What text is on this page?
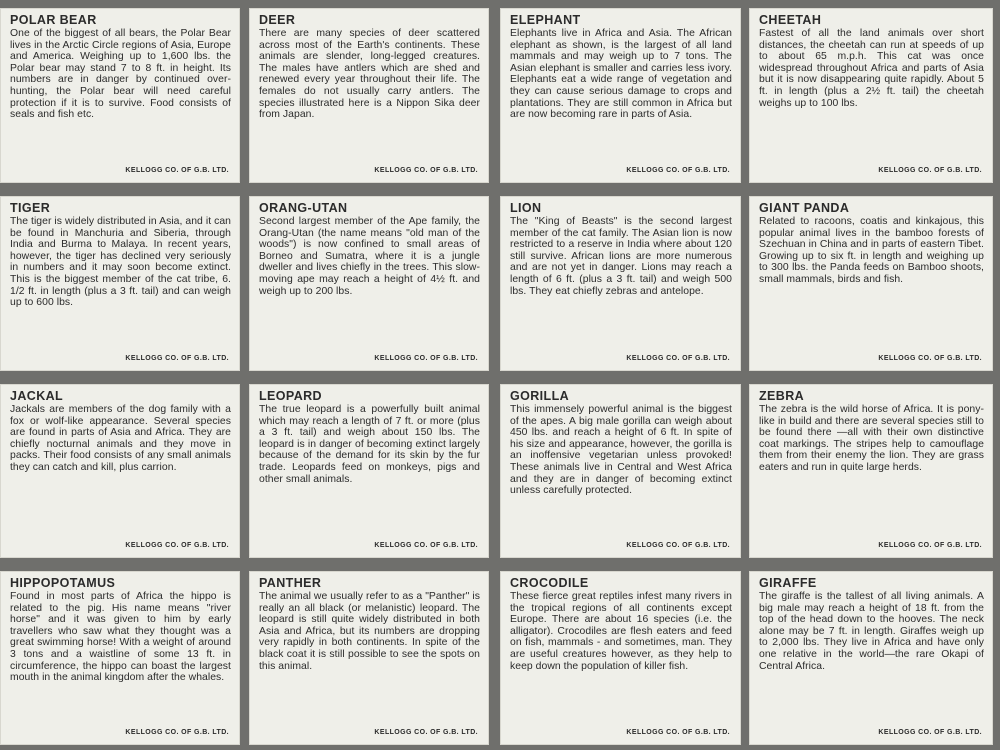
POLAR BEAR

One of the biggest of all bears, the Polar Bear lives in the Arctic Circle regions of Asia, Europe and America. Weighing up to 1,600 lbs. the Polar bear may stand 7 to 8 ft. in height. Its numbers are in danger by continued over-hunting, the Polar bear will need careful protection if it is to survive. Food consists of seals and fish etc.

KELLOGG CO. OF G.B. LTD.
DEER

There are many species of deer scattered across most of the Earth's continents. These animals are slender, long-legged creatures. The males have antlers which are shed and renewed every year throughout their life. The females do not usually carry antlers. The species illustrated here is a Nippon Sika deer from Japan.

KELLOGG CO. OF G.B. LTD.
ELEPHANT

Elephants live in Africa and Asia. The African elephant as shown, is the largest of all land mammals and may weigh up to 7 tons. The Asian elephant is smaller and carries less ivory. Elephants eat a wide range of vegetation and they can cause serious damage to crops and plantations. They are still common in Africa but are now becoming rare in parts of Asia.

KELLOGG CO. OF G.B. LTD.
CHEETAH

Fastest of all the land animals over short distances, the cheetah can run at speeds of up to about 65 m.p.h. This cat was once widespread throughout Africa and parts of Asia but it is now disappearing quite rapidly. About 5 ft. in length (plus a 2½ ft. tail) the cheetah weighs up to 100 lbs.

KELLOGG CO. OF G.B. LTD.
TIGER

The tiger is widely distributed in Asia, and it can be found in Manchuria and Siberia, through India and Burma to Malaya. In recent years, however, the tiger has declined very seriously in numbers and it may soon become extinct. This is the biggest member of the cat tribe, 6. 1/2 ft. in length (plus a 3 ft. tail) and can weigh up to 600 lbs.

KELLOGG CO. OF G.B. LTD.
ORANG-UTAN

Second largest member of the Ape family, the Orang-Utan (the name means "old man of the woods") is now confined to small areas of Borneo and Sumatra, where it is a jungle dweller and lives chiefly in the trees. This slow-moving ape may reach a height of 4½ ft. and weigh up to 200 lbs.

KELLOGG CO. OF G.B. LTD.
LION

The "King of Beasts" is the second largest member of the cat family. The Asian lion is now restricted to a reserve in India where about 120 still survive. African lions are more numerous and are not yet in danger. Lions may reach a length of 6 ft. (plus a 3 ft. tail) and weigh 500 lbs. They eat chiefly zebras and antelope.

KELLOGG CO. OF G.B. LTD.
GIANT PANDA

Related to racoons, coatis and kinkajous, this popular animal lives in the bamboo forests of Szechuan in China and in parts of eastern Tibet. Growing up to six ft. in length and weighing up to 300 lbs. the Panda feeds on Bamboo shoots, small mammals, birds and fish.

KELLOGG CO. OF G.B. LTD.
JACKAL

Jackals are members of the dog family with a fox or wolf-like appearance. Several species are found in parts of Asia and Africa. They are chiefly nocturnal animals and they move in packs. Their food consists of any small animals they can catch and kill, plus carrion.

KELLOGG CO. OF G.B. LTD.
LEOPARD

The true leopard is a powerfully built animal which may reach a length of 7 ft. or more (plus a 3 ft. tail) and weigh about 150 lbs. The leopard is in danger of becoming extinct largely because of the demand for its skin by the fur trade. Leopards feed on monkeys, pigs and other small animals.

KELLOGG CO. OF G.B. LTD.
GORILLA

This immensely powerful animal is the biggest of the apes. A big male gorilla can weigh about 450 lbs. and reach a height of 6 ft. In spite of his size and appearance, however, the gorilla is an inoffensive vegetarian unless provoked! These animals live in Central and West Africa and they are in danger of becoming extinct unless carefully protected.

KELLOGG CO. OF G.B. LTD.
ZEBRA

The zebra is the wild horse of Africa. It is pony-like in build and there are several species still to be found there —all with their own distinctive coat markings. The stripes help to camouflage them from their enemy the lion. They are grass eaters and run in quite large herds.

KELLOGG CO. OF G.B. LTD.
HIPPOPOTAMUS

Found in most parts of Africa the hippo is related to the pig. His name means "river horse" and it was given to him by early travellers who saw what they thought was a great swimming horse! With a weight of around 3 tons and a waistline of some 13 ft. in circumference, the hippo can boast the largest mouth in the animal kingdom after the whales.

KELLOGG CO. OF G.B. LTD.
PANTHER

The animal we usually refer to as a "Panther" is really an all black (or melanistic) leopard. The leopard is still quite widely distributed in both Asia and Africa, but its numbers are dropping very rapidly in both continents. In spite of the black coat it is still possible to see the spots on this animal.

KELLOGG CO. OF G.B. LTD.
CROCODILE

These fierce great reptiles infest many rivers in the tropical regions of all continents except Europe. There are about 16 species (i.e. the alligator). Crocodiles are flesh eaters and feed on fish, mammals - and sometimes, man. They are useful creatures however, as they help to keep down the population of killer fish.

KELLOGG CO. OF G.B. LTD.
GIRAFFE

The giraffe is the tallest of all living animals. A big male may reach a height of 18 ft. from the top of the head down to the hooves. The neck alone may be 7 ft. in length. Giraffes weigh up to 2,000 lbs. They live in Africa and have only one relative in the world—the rare Okapi of Central Africa.

KELLOGG CO. OF G.B. LTD.
